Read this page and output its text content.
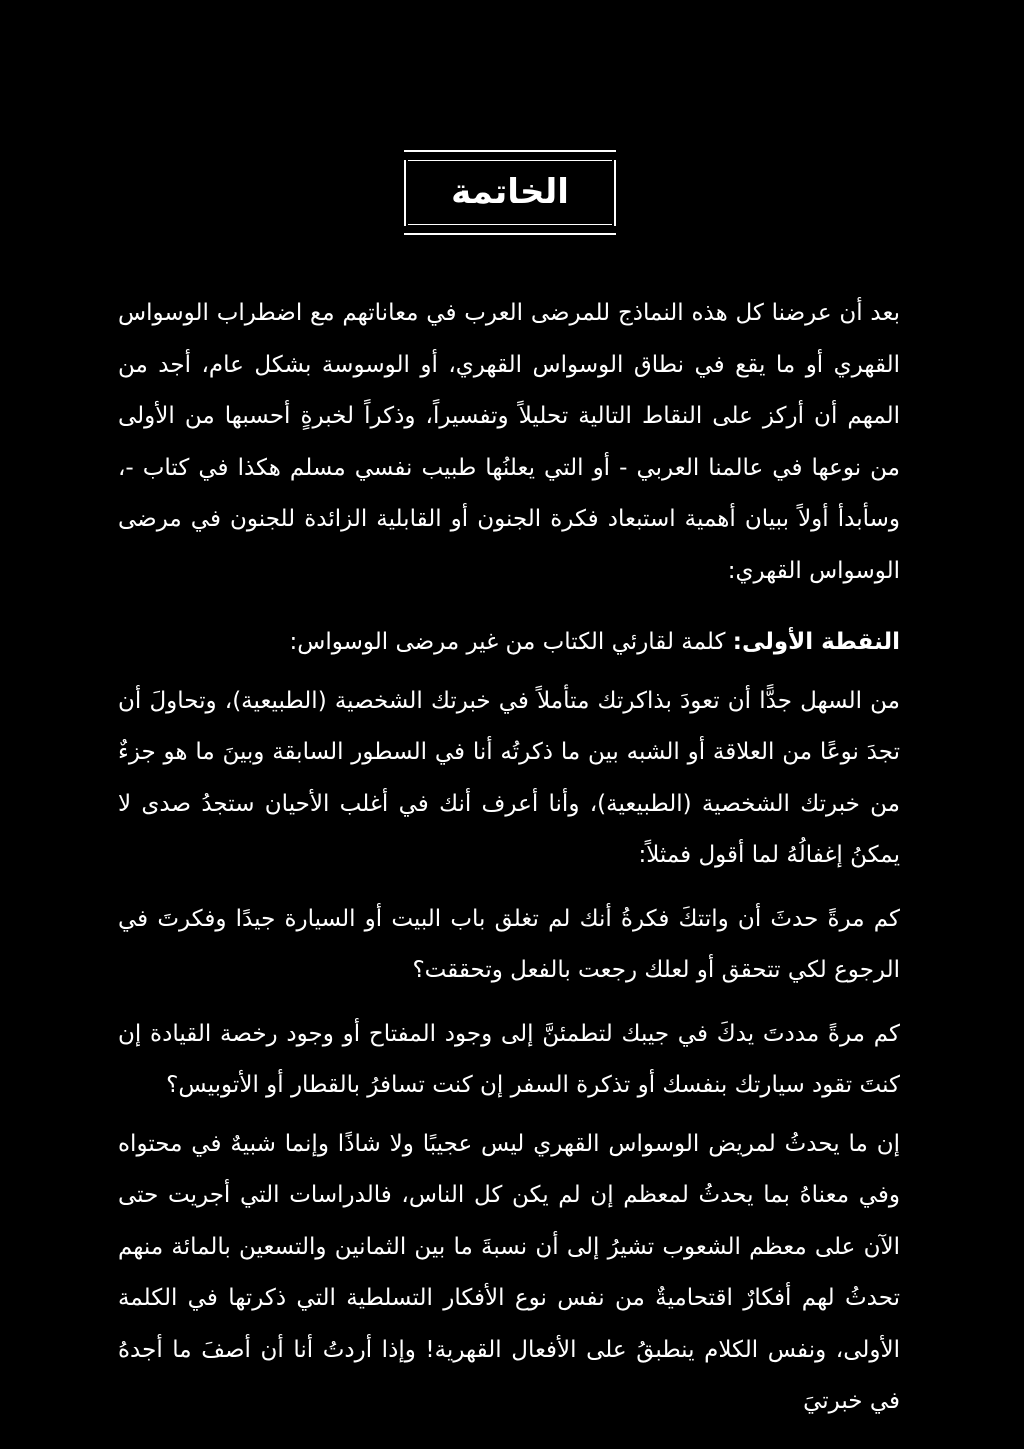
الخاتمة

بعد أن عرضنا كل هذه النماذج للمرضى العرب في معاناتهم مع اضطراب الوسواس القهري أو ما يقع في نطاق الوسواس القهري، أو الوسوسة بشكل عام، أجد من المهم أن أركز على النقاط التالية تحليلاً وتفسيراً، وذكراً لخبرةٍ أحسبها من الأولى من نوعها في عالمنا العربي - أو التي يعلنُها طبيب نفسي مسلم هكذا في كتاب -، وسأبدأ أولاً ببيان أهمية استبعاد فكرة الجنون أو القابلية الزائدة للجنون في مرضى الوسواس القهري:

النقطة الأولى: كلمة لقارئي الكتاب من غير مرضى الوسواس:

من السهل جدًّا أن تعودَ بذاكرتك متأملاً في خبرتك الشخصية (الطبيعية)، وتحاولَ أن تجدَ نوعًا من العلاقة أو الشبه بين ما ذكرتُه أنا في السطور السابقة وبينَ ما هو جزءٌ من خبرتك الشخصية (الطبيعية)، وأنا أعرف أنك في أغلب الأحيان ستجدُ صدى لا يمكنُ إغفالُهُ لما أقول فمثلاً:

كم مرةً حدثَ أن واتتكَ فكرةُ أنك لم تغلق باب البيت أو السيارة جيدًا وفكرتَ في الرجوع لكي تتحقق أو لعلك رجعت بالفعل وتحققت؟

كم مرةً مددتَ يدكَ في جيبك لتطمئنَّ إلى وجود المفتاح أو وجود رخصة القيادة إن كنتَ تقود سيارتك بنفسك أو تذكرة السفر إن كنت تسافرُ بالقطار أو الأتوبيس؟

إن ما يحدثُ لمريض الوسواس القهري ليس عجيبًا ولا شاذًا وإنما شبيهٌ في محتواه وفي معناهُ بما يحدثُ لمعظم إن لم يكن كل الناس، فالدراسات التي أجريت حتى الآن على معظم الشعوب تشيرُ إلى أن نسبةَ ما بين الثمانين والتسعين بالمائة منهم تحدثُ لهم أفكارٌ اقتحاميةٌ من نفس نوع الأفكار التسلطية التي ذكرتها في الكلمة الأولى، ونفس الكلام ينطبقُ على الأفعال القهرية! وإذا أردتُ أنا أن أصفَ ما أجدهُ في خبرتيَ
